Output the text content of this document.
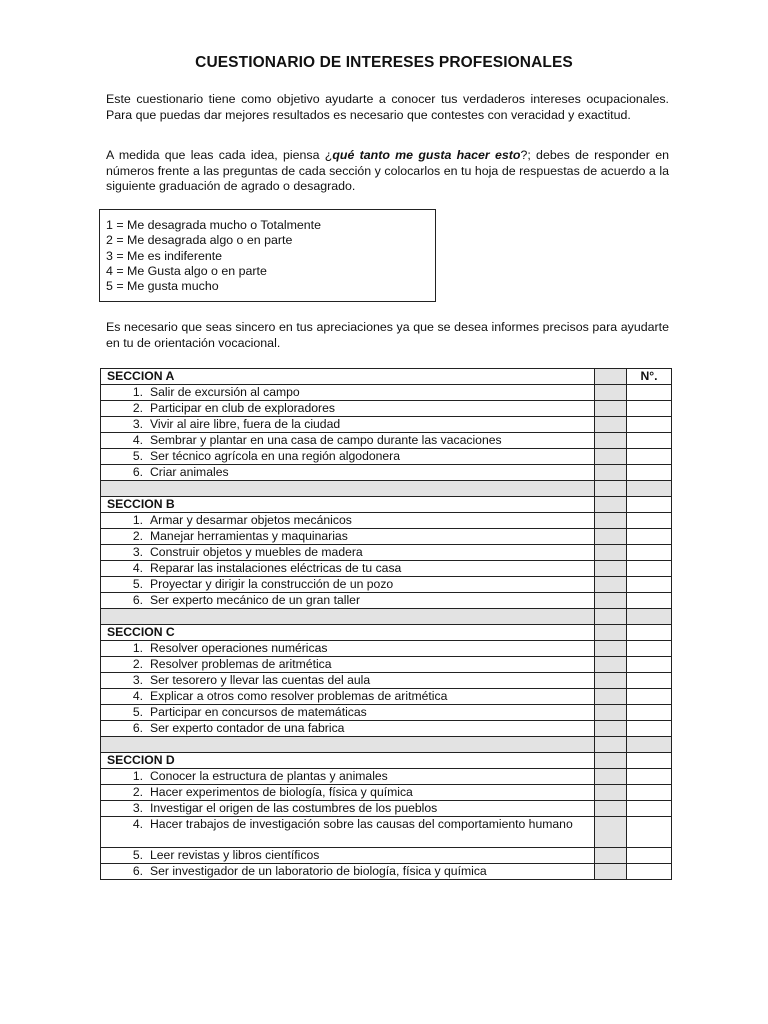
CUESTIONARIO DE INTERESES PROFESIONALES

Este cuestionario tiene como objetivo ayudarte a conocer tus verdaderos intereses ocupacionales. Para que puedas dar mejores resultados es necesario que contestes con veracidad y exactitud.

A medida que leas cada idea, piensa ¿qué tanto me gusta hacer esto?; debes de responder en números frente a las preguntas de cada sección y colocarlos en tu hoja de respuestas de acuerdo a la siguiente graduación de agrado o desagrado.

1 = Me desagrada mucho o Totalmente
2 = Me desagrada algo o en parte
3 = Me es indiferente
4 = Me Gusta algo o en parte
5 = Me gusta mucho

Es necesario que seas sincero en tus apreciaciones ya que se desea informes precisos para ayudarte en tu de orientación vocacional.

SECCION A		N°.

1. Salir de excursión al campo		

2. Participar en club de exploradores		

3. Vivir al aire libre, fuera de la ciudad		

4. Sembrar y plantar en una casa de campo durante las vacaciones		

5. Ser técnico agrícola en una región algodonera		

6. Criar animales		

SECCION B		

1. Armar y desarmar objetos mecánicos		

2. Manejar herramientas y maquinarias		

3. Construir objetos y muebles de madera		

4. Reparar las instalaciones eléctricas de tu casa		

5. Proyectar y dirigir la construcción de un pozo		

6. Ser experto mecánico de un gran taller		

SECCION C		

1. Resolver operaciones numéricas		

2. Resolver problemas de aritmética		

3. Ser tesorero y llevar las cuentas del aula		

4. Explicar a otros como resolver problemas de aritmética		

5. Participar en concursos de matemáticas		

6. Ser experto contador de una fabrica		

SECCION D		

1. Conocer la estructura de plantas y animales		

2. Hacer experimentos de biología, física y química		

3. Investigar el origen de las costumbres de los pueblos		

4. Hacer trabajos de investigación sobre las causas del comportamiento humano		

5. Leer revistas y libros científicos		

6. Ser investigador de un laboratorio de biología, física y química		
